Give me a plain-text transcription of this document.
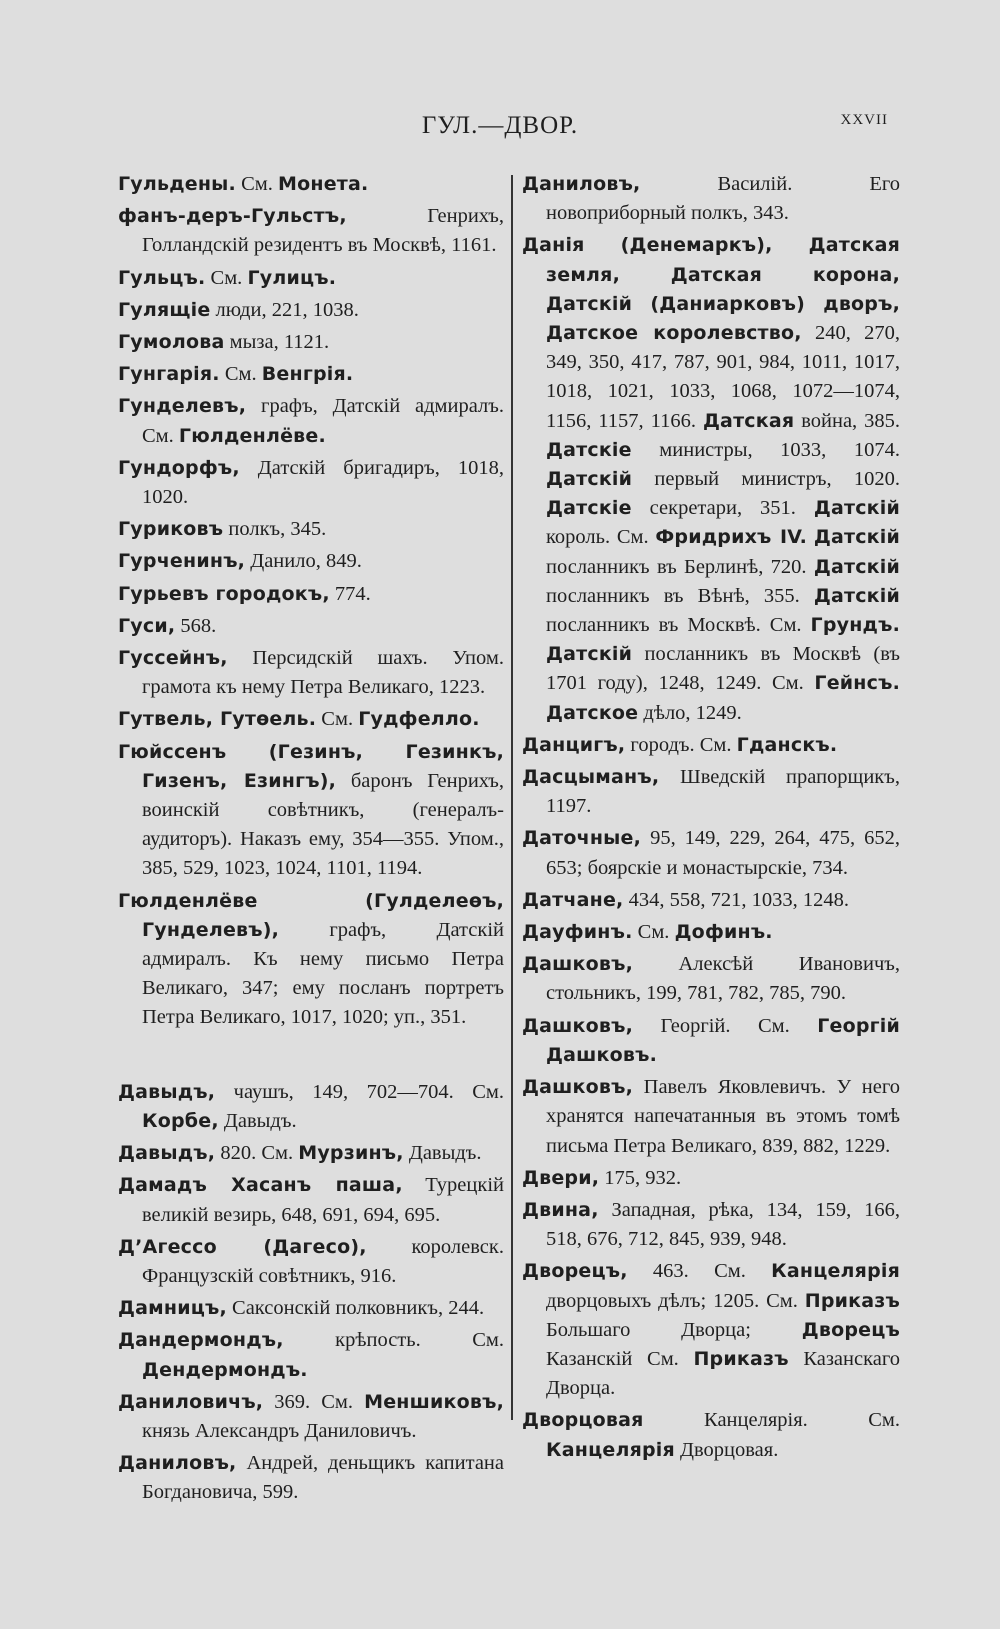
ГУЛ.—ДВОР.	XXVII

Гульдены. См. Монета.

фанъ-деръ-Гульстъ, Генрихъ, Голландскій резидентъ въ Москвѣ, 1161.

Гульцъ. См. Гулицъ.

Гулящіе люди, 221, 1038.

Гумолова мыза, 1121.

Гунгарія. См. Венгрія.

Гунделевъ, графъ, Датскій адмиралъ. См. Гюлденлёве.

Гундорфъ, Датскій бригадиръ, 1018, 1020.

Гуриковъ полкъ, 345.

Гурченинъ, Данило, 849.

Гурьевъ городокъ, 774.

Гуси, 568.

Гуссейнъ, Персидскій шахъ. Упом. грамота къ нему Петра Великаго, 1223.

Гутвель, Гутѳель. См. Гудфелло.

Гюйссенъ (Гезинъ, Гезинкъ, Гизенъ, Езингъ), баронъ Генрихъ, воинскій совѣтникъ, (генералъ-аудиторъ). Наказъ ему, 354—355. Упом., 385, 529, 1023, 1024, 1101, 1194.

Гюлденлёве (Гулделеѳъ, Гунделевъ), графъ, Датскій адмиралъ. Къ нему письмо Петра Великаго, 347; ему посланъ портретъ Петра Великаго, 1017, 1020; уп., 351.

Давыдъ, чаушъ, 149, 702—704. См. Корбе, Давыдъ.

Давыдъ, 820. См. Мурзинъ, Давыдъ.

Дамадъ Хасанъ паша, Турецкій великій везирь, 648, 691, 694, 695.

Д’Агессо (Дагесо), королевск. Французскій совѣтникъ, 916.

Дамницъ, Саксонскій полковникъ, 244.

Дандермондъ, крѣпость. См. Дендермондъ.

Даниловичъ, 369. См. Меншиковъ, князь Александръ Даниловичъ.

Даниловъ, Андрей, деньщикъ капитана Богдановича, 599.

Даниловъ, Василій. Его новоприборный полкъ, 343.

Данія (Денемаркъ), Датская земля, Датская корона, Датскій (Даниарковъ) дворъ, Датское королевство, 240, 270, 349, 350, 417, 787, 901, 984, 1011, 1017, 1018, 1021, 1033, 1068, 1072—1074, 1156, 1157, 1166. Датская война, 385. Датскіе министры, 1033, 1074. Датскій первый министръ, 1020. Датскіе секретари, 351. Датскій король. См. Фридрихъ IV. Датскій посланникъ въ Берлинѣ, 720. Датскій посланникъ въ Вѣнѣ, 355. Датскій посланникъ въ Москвѣ. См. Грундъ. Датскій посланникъ въ Москвѣ (въ 1701 году), 1248, 1249. См. Гейнсъ. Датское дѣло, 1249.

Данцигъ, городъ. См. Гданскъ.

Дасцыманъ, Шведскій прапорщикъ, 1197.

Даточные, 95, 149, 229, 264, 475, 652, 653; боярскіе и монастырскіе, 734.

Датчане, 434, 558, 721, 1033, 1248.

Дауфинъ. См. Дофинъ.

Дашковъ, Алексѣй Ивановичъ, стольникъ, 199, 781, 782, 785, 790.

Дашковъ, Георгій. См. Георгій Дашковъ.

Дашковъ, Павелъ Яковлевичъ. У него хранятся напечатанныя въ этомъ томѣ письма Петра Великаго, 839, 882, 1229.

Двери, 175, 932.

Двина, Западная, рѣка, 134, 159, 166, 518, 676, 712, 845, 939, 948.

Дворецъ, 463. См. Канцелярія дворцовыхъ дѣлъ; 1205. См. Приказъ Большаго Дворца; Дворецъ Казанскій См. Приказъ Казанскаго Дворца.

Дворцовая Канцелярія. См. Канцелярія Дворцовая.
